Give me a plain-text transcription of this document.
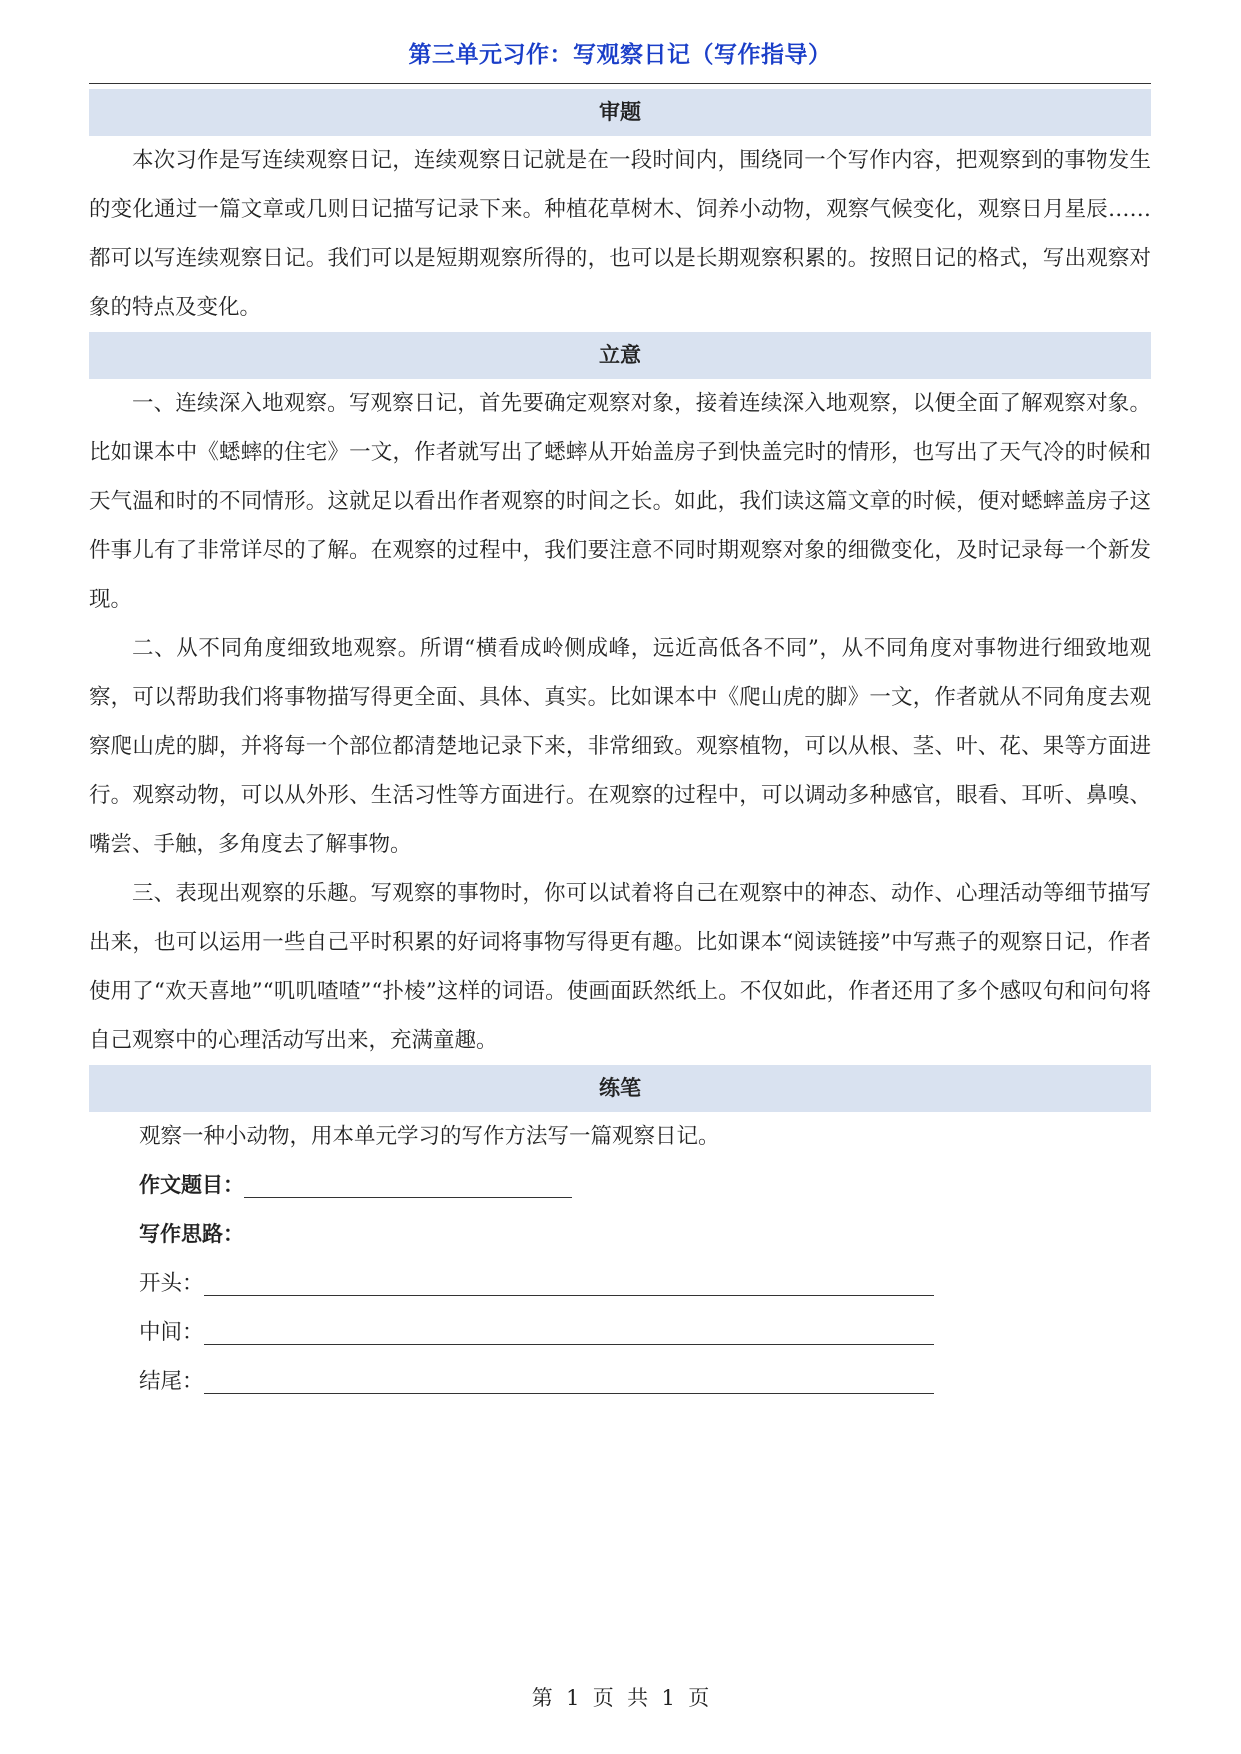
第三单元习作：写观察日记（写作指导）
审题

本次习作是写连续观察日记，连续观察日记就是在一段时间内，围绕同一个写作内容，把观察到的事物发生的变化通过一篇文章或几则日记描写记录下来。种植花草树木、饲养小动物，观察气候变化，观察日月星辰……都可以写连续观察日记。我们可以是短期观察所得的，也可以是长期观察积累的。按照日记的格式，写出观察对象的特点及变化。

立意

一、连续深入地观察。写观察日记，首先要确定观察对象，接着连续深入地观察，以便全面了解观察对象。比如课本中《蟋蟀的住宅》一文，作者就写出了蟋蟀从开始盖房子到快盖完时的情形，也写出了天气冷的时候和天气温和时的不同情形。这就足以看出作者观察的时间之长。如此，我们读这篇文章的时候，便对蟋蟀盖房子这件事儿有了非常详尽的了解。在观察的过程中，我们要注意不同时期观察对象的细微变化，及时记录每一个新发现。

二、从不同角度细致地观察。所谓“横看成岭侧成峰，远近高低各不同”，从不同角度对事物进行细致地观察，可以帮助我们将事物描写得更全面、具体、真实。比如课本中《爬山虎的脚》一文，作者就从不同角度去观察爬山虎的脚，并将每一个部位都清楚地记录下来，非常细致。观察植物，可以从根、茎、叶、花、果等方面进行。观察动物，可以从外形、生活习性等方面进行。在观察的过程中，可以调动多种感官，眼看、耳听、鼻嗅、嘴尝、手触，多角度去了解事物。

三、表现出观察的乐趣。写观察的事物时，你可以试着将自己在观察中的神态、动作、心理活动等细节描写出来，也可以运用一些自己平时积累的好词将事物写得更有趣。比如课本“阅读链接”中写燕子的观察日记，作者使用了“欢天喜地”“叽叽喳喳”“扑棱”这样的词语。使画面跃然纸上。不仅如此，作者还用了多个感叹句和问句将自己观察中的心理活动写出来，充满童趣。

练笔
观察一种小动物，用本单元学习的写作方法写一篇观察日记。
作文题目：
写作思路：
开头：
中间：
结尾：
第  1  页  共  1  页
